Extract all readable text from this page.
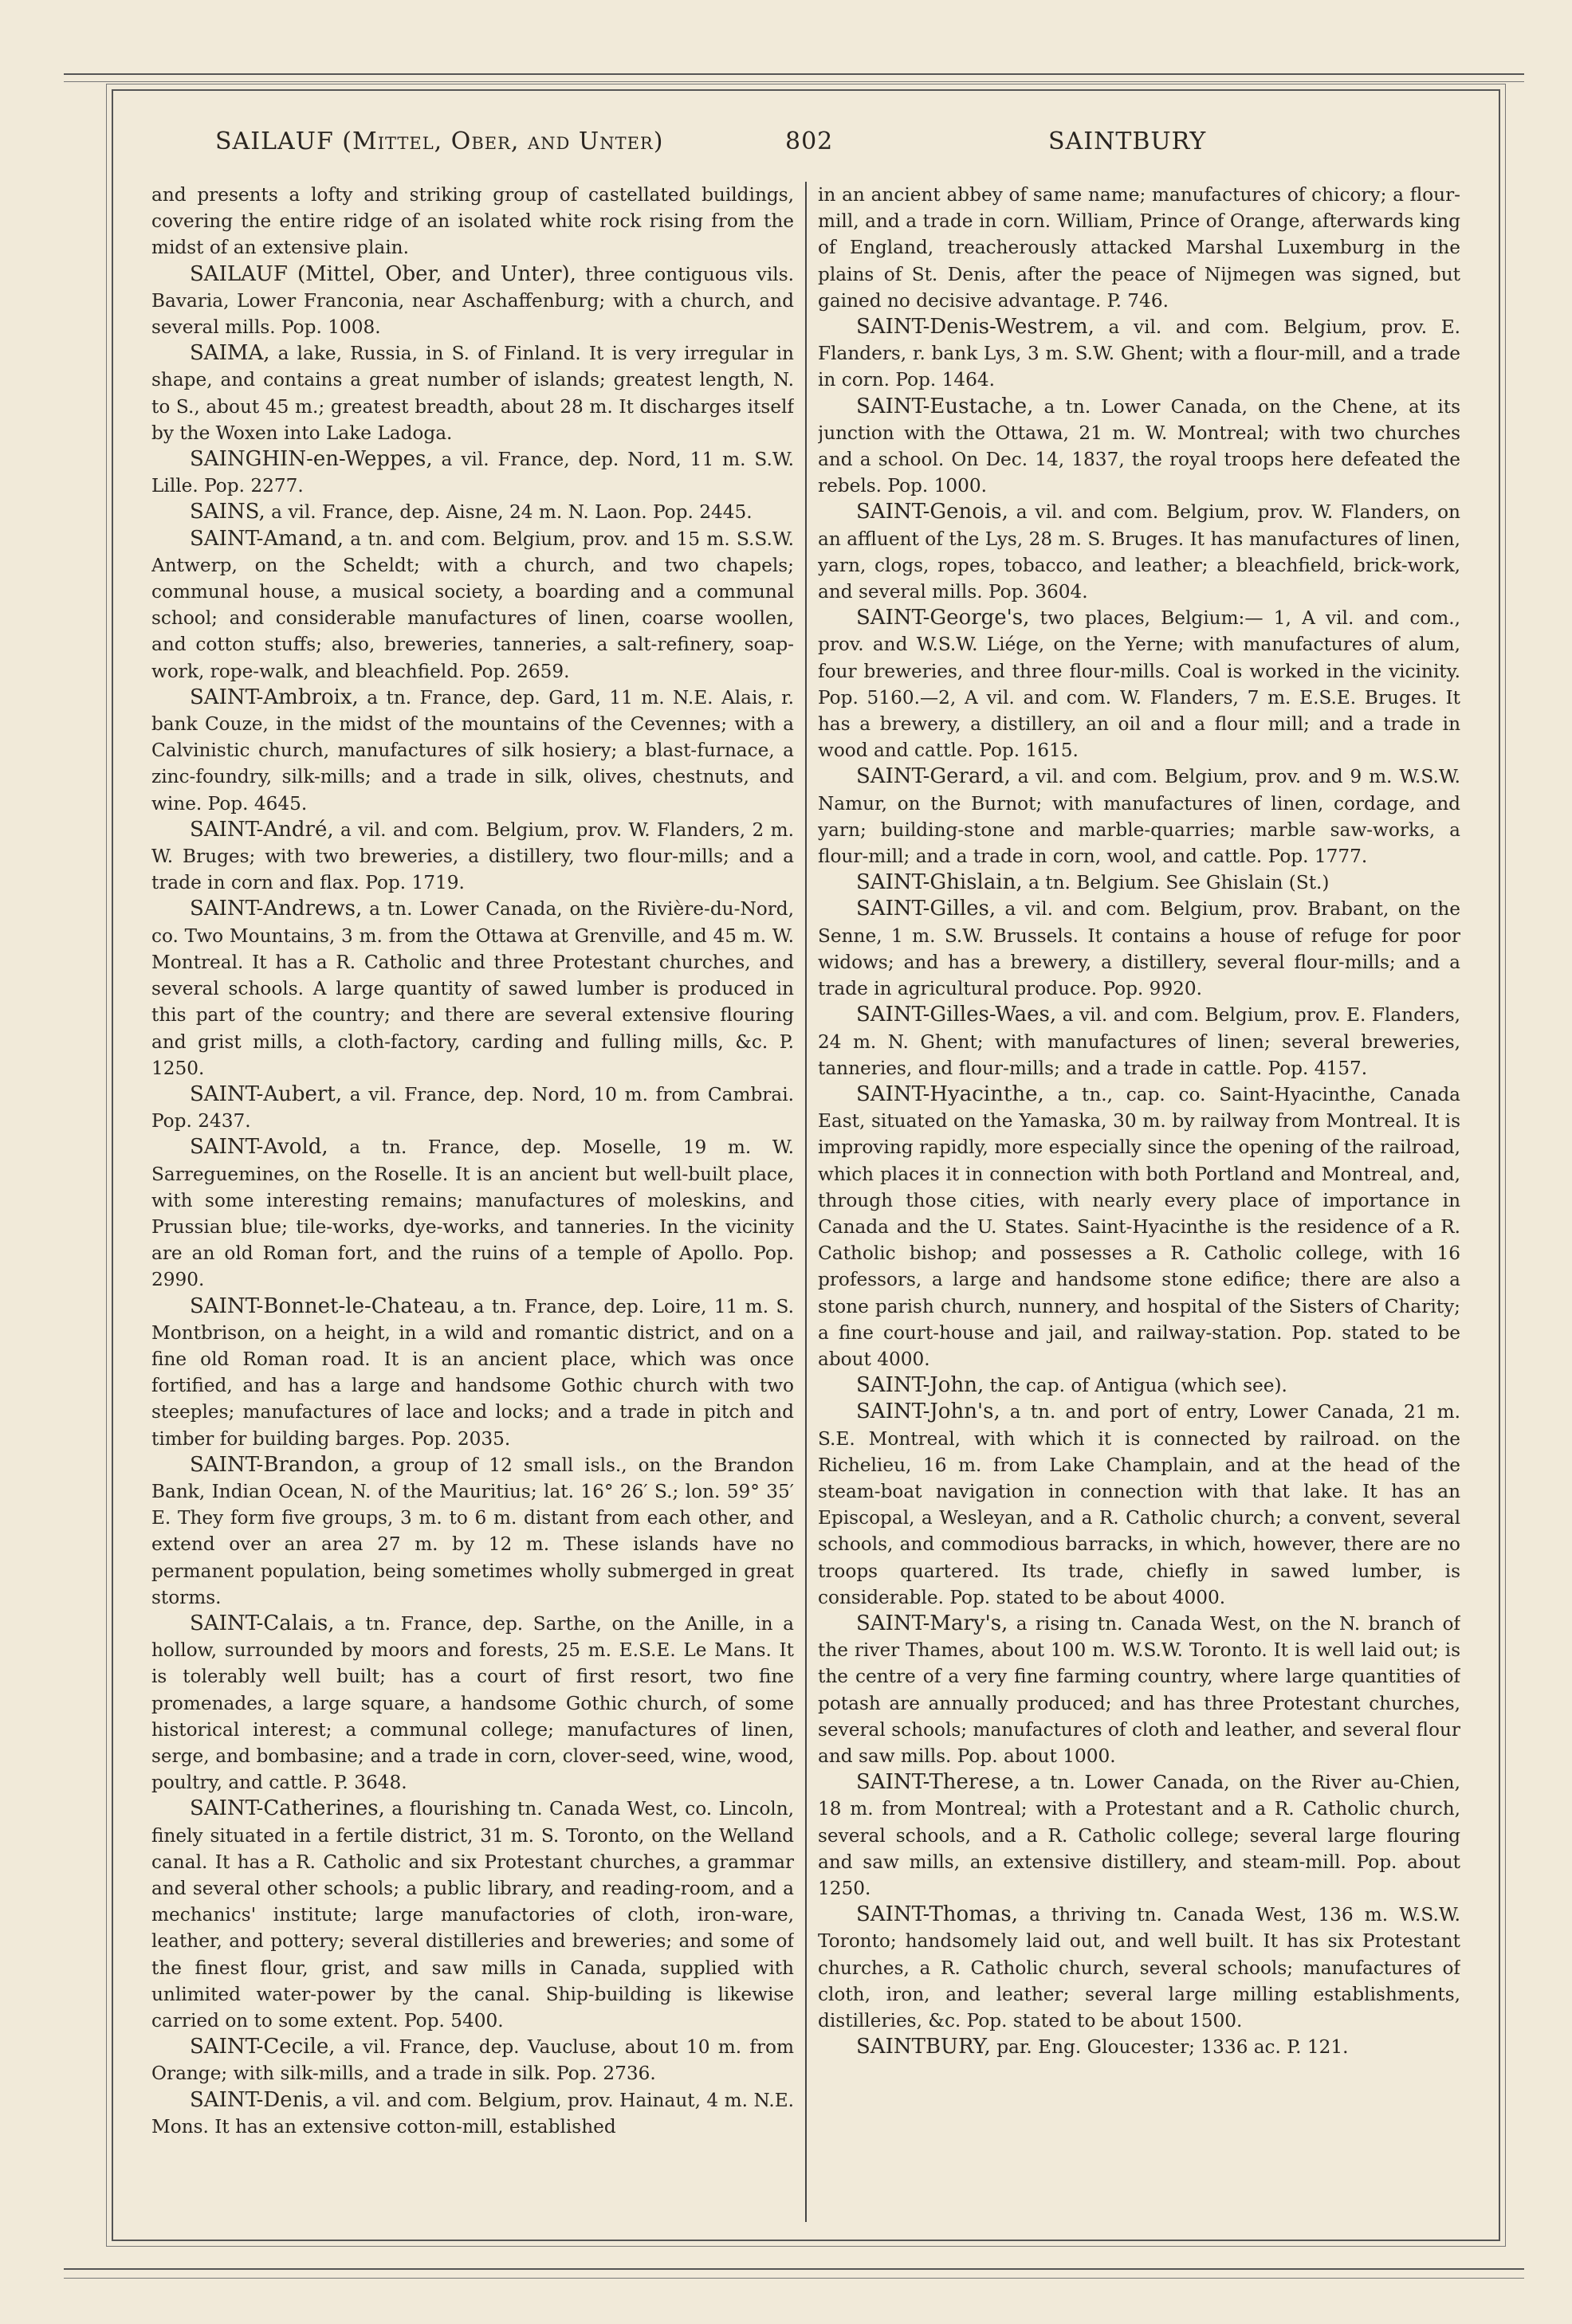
SAILAUF (Mittel, Ober, and Unter)	802	SAINTBURY

and presents a lofty and striking group of castellated buildings, covering the entire ridge of an isolated white rock rising from the midst of an extensive plain.

SAILAUF (Mittel, Ober, and Unter), three contiguous vils. Bavaria, Lower Franconia, near Aschaffenburg; with a church, and several mills. Pop. 1008.

SAIMA, a lake, Russia, in S. of Finland. It is very irregular in shape, and contains a great number of islands; greatest length, N. to S., about 45 m.; greatest breadth, about 28 m. It discharges itself by the Woxen into Lake Ladoga.

SAINGHIN-en-Weppes, a vil. France, dep. Nord, 11 m. S.W. Lille. Pop. 2277.

SAINS, a vil. France, dep. Aisne, 24 m. N. Laon. Pop. 2445.

SAINT-Amand, a tn. and com. Belgium, prov. and 15 m. S.S.W. Antwerp, on the Scheldt; with a church, and two chapels; communal house, a musical society, a boarding and a communal school; and considerable manufactures of linen, coarse woollen, and cotton stuffs; also, breweries, tanneries, a salt-refinery, soap-work, rope-walk, and bleachfield. Pop. 2659.

SAINT-Ambroix, a tn. France, dep. Gard, 11 m. N.E. Alais, r. bank Couze, in the midst of the mountains of the Cevennes; with a Calvinistic church, manufactures of silk hosiery; a blast-furnace, a zinc-foundry, silk-mills; and a trade in silk, olives, chestnuts, and wine. Pop. 4645.

SAINT-André, a vil. and com. Belgium, prov. W. Flanders, 2 m. W. Bruges; with two breweries, a distillery, two flour-mills; and a trade in corn and flax. Pop. 1719.

SAINT-Andrews, a tn. Lower Canada, on the Rivière-du-Nord, co. Two Mountains, 3 m. from the Ottawa at Grenville, and 45 m. W. Montreal. It has a R. Catholic and three Protestant churches, and several schools. A large quantity of sawed lumber is produced in this part of the country; and there are several extensive flouring and grist mills, a cloth-factory, carding and fulling mills, &c. P. 1250.

SAINT-Aubert, a vil. France, dep. Nord, 10 m. from Cambrai. Pop. 2437.

SAINT-Avold, a tn. France, dep. Moselle, 19 m. W. Sarreguemines, on the Roselle. It is an ancient but well-built place, with some interesting remains; manufactures of moleskins, and Prussian blue; tile-works, dye-works, and tanneries. In the vicinity are an old Roman fort, and the ruins of a temple of Apollo. Pop. 2990.

SAINT-Bonnet-le-Chateau, a tn. France, dep. Loire, 11 m. S. Montbrison, on a height, in a wild and romantic district, and on a fine old Roman road. It is an ancient place, which was once fortified, and has a large and handsome Gothic church with two steeples; manufactures of lace and locks; and a trade in pitch and timber for building barges. Pop. 2035.

SAINT-Brandon, a group of 12 small isls., on the Brandon Bank, Indian Ocean, N. of the Mauritius; lat. 16° 26′ S.; lon. 59° 35′ E. They form five groups, 3 m. to 6 m. distant from each other, and extend over an area 27 m. by 12 m. These islands have no permanent population, being sometimes wholly submerged in great storms.

SAINT-Calais, a tn. France, dep. Sarthe, on the Anille, in a hollow, surrounded by moors and forests, 25 m. E.S.E. Le Mans. It is tolerably well built; has a court of first resort, two fine promenades, a large square, a handsome Gothic church, of some historical interest; a communal college; manufactures of linen, serge, and bombasine; and a trade in corn, clover-seed, wine, wood, poultry, and cattle. P. 3648.

SAINT-Catherines, a flourishing tn. Canada West, co. Lincoln, finely situated in a fertile district, 31 m. S. Toronto, on the Welland canal. It has a R. Catholic and six Protestant churches, a grammar and several other schools; a public library, and reading-room, and a mechanics' institute; large manufactories of cloth, iron-ware, leather, and pottery; several distilleries and breweries; and some of the finest flour, grist, and saw mills in Canada, supplied with unlimited water-power by the canal. Ship-building is likewise carried on to some extent. Pop. 5400.

SAINT-Cecile, a vil. France, dep. Vaucluse, about 10 m. from Orange; with silk-mills, and a trade in silk. Pop. 2736.

SAINT-Denis, a vil. and com. Belgium, prov. Hainaut, 4 m. N.E. Mons. It has an extensive cotton-mill, established

in an ancient abbey of same name; manufactures of chicory; a flour-mill, and a trade in corn. William, Prince of Orange, afterwards king of England, treacherously attacked Marshal Luxemburg in the plains of St. Denis, after the peace of Nijmegen was signed, but gained no decisive advantage. P. 746.

SAINT-Denis-Westrem, a vil. and com. Belgium, prov. E. Flanders, r. bank Lys, 3 m. S.W. Ghent; with a flour-mill, and a trade in corn. Pop. 1464.

SAINT-Eustache, a tn. Lower Canada, on the Chene, at its junction with the Ottawa, 21 m. W. Montreal; with two churches and a school. On Dec. 14, 1837, the royal troops here defeated the rebels. Pop. 1000.

SAINT-Genois, a vil. and com. Belgium, prov. W. Flanders, on an affluent of the Lys, 28 m. S. Bruges. It has manufactures of linen, yarn, clogs, ropes, tobacco, and leather; a bleachfield, brick-work, and several mills. Pop. 3604.

SAINT-George's, two places, Belgium:— 1, A vil. and com., prov. and W.S.W. Liége, on the Yerne; with manufactures of alum, four breweries, and three flour-mills. Coal is worked in the vicinity. Pop. 5160.—2, A vil. and com. W. Flanders, 7 m. E.S.E. Bruges. It has a brewery, a distillery, an oil and a flour mill; and a trade in wood and cattle. Pop. 1615.

SAINT-Gerard, a vil. and com. Belgium, prov. and 9 m. W.S.W. Namur, on the Burnot; with manufactures of linen, cordage, and yarn; building-stone and marble-quarries; marble saw-works, a flour-mill; and a trade in corn, wool, and cattle. Pop. 1777.

SAINT-Ghislain, a tn. Belgium. See Ghislain (St.)

SAINT-Gilles, a vil. and com. Belgium, prov. Brabant, on the Senne, 1 m. S.W. Brussels. It contains a house of refuge for poor widows; and has a brewery, a distillery, several flour-mills; and a trade in agricultural produce. Pop. 9920.

SAINT-Gilles-Waes, a vil. and com. Belgium, prov. E. Flanders, 24 m. N. Ghent; with manufactures of linen; several breweries, tanneries, and flour-mills; and a trade in cattle. Pop. 4157.

SAINT-Hyacinthe, a tn., cap. co. Saint-Hyacinthe, Canada East, situated on the Yamaska, 30 m. by railway from Montreal. It is improving rapidly, more especially since the opening of the railroad, which places it in connection with both Portland and Montreal, and, through those cities, with nearly every place of importance in Canada and the U. States. Saint-Hyacinthe is the residence of a R. Catholic bishop; and possesses a R. Catholic college, with 16 professors, a large and handsome stone edifice; there are also a stone parish church, nunnery, and hospital of the Sisters of Charity; a fine court-house and jail, and railway-station. Pop. stated to be about 4000.

SAINT-John, the cap. of Antigua (which see).

SAINT-John's, a tn. and port of entry, Lower Canada, 21 m. S.E. Montreal, with which it is connected by railroad. on the Richelieu, 16 m. from Lake Champlain, and at the head of the steam-boat navigation in connection with that lake. It has an Episcopal, a Wesleyan, and a R. Catholic church; a convent, several schools, and commodious barracks, in which, however, there are no troops quartered. Its trade, chiefly in sawed lumber, is considerable. Pop. stated to be about 4000.

SAINT-Mary's, a rising tn. Canada West, on the N. branch of the river Thames, about 100 m. W.S.W. Toronto. It is well laid out; is the centre of a very fine farming country, where large quantities of potash are annually produced; and has three Protestant churches, several schools; manufactures of cloth and leather, and several flour and saw mills. Pop. about 1000.

SAINT-Therese, a tn. Lower Canada, on the River au-Chien, 18 m. from Montreal; with a Protestant and a R. Catholic church, several schools, and a R. Catholic college; several large flouring and saw mills, an extensive distillery, and steam-mill. Pop. about 1250.

SAINT-Thomas, a thriving tn. Canada West, 136 m. W.S.W. Toronto; handsomely laid out, and well built. It has six Protestant churches, a R. Catholic church, several schools; manufactures of cloth, iron, and leather; several large milling establishments, distilleries, &c. Pop. stated to be about 1500.

SAINTBURY, par. Eng. Gloucester; 1336 ac. P. 121.
